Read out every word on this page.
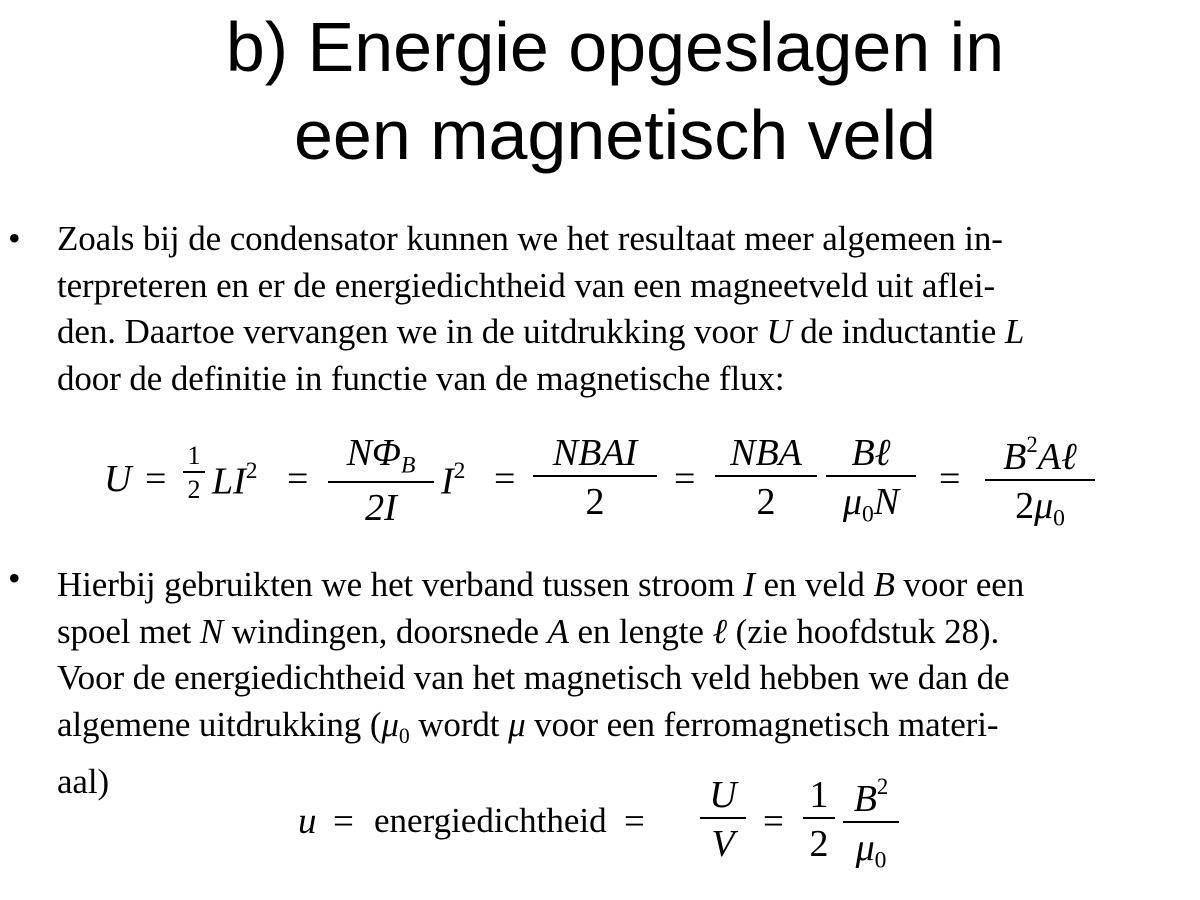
b) Energie opgeslagen in
een magnetisch veld
• Zoals bij de condensator kunnen we het resultaat meer algemeen in-
terpreteren en er de energiedichtheid van een magneetveld uit aflei-
den. Daartoe vervangen we in de uitdrukking voor U de inductantie L
door de definitie in functie van de magnetische flux:
U =
1
2 $LI^2$ =
$N\Phi_B$
2I
$I^2$ =
NBAI
2
=
NBA
2
Bℓ
$\mu_0N$
=
$B^2A\ell$
$2\mu_0$
• Hierbij gebruikten we het verband tussen stroom I en veld B voor een
spoel met N windingen, doorsnede A en lengte ℓ (zie hoofdstuk 28).
Voor de energiedichtheid van het magnetisch veld hebben we dan de
algemene uitdrukking ($\mu_0$ wordt μ voor een ferromagnetisch materi-
aal)
u = energiedichtheid =
U
V
=
1
2
$B^2$
$\mu_0$
